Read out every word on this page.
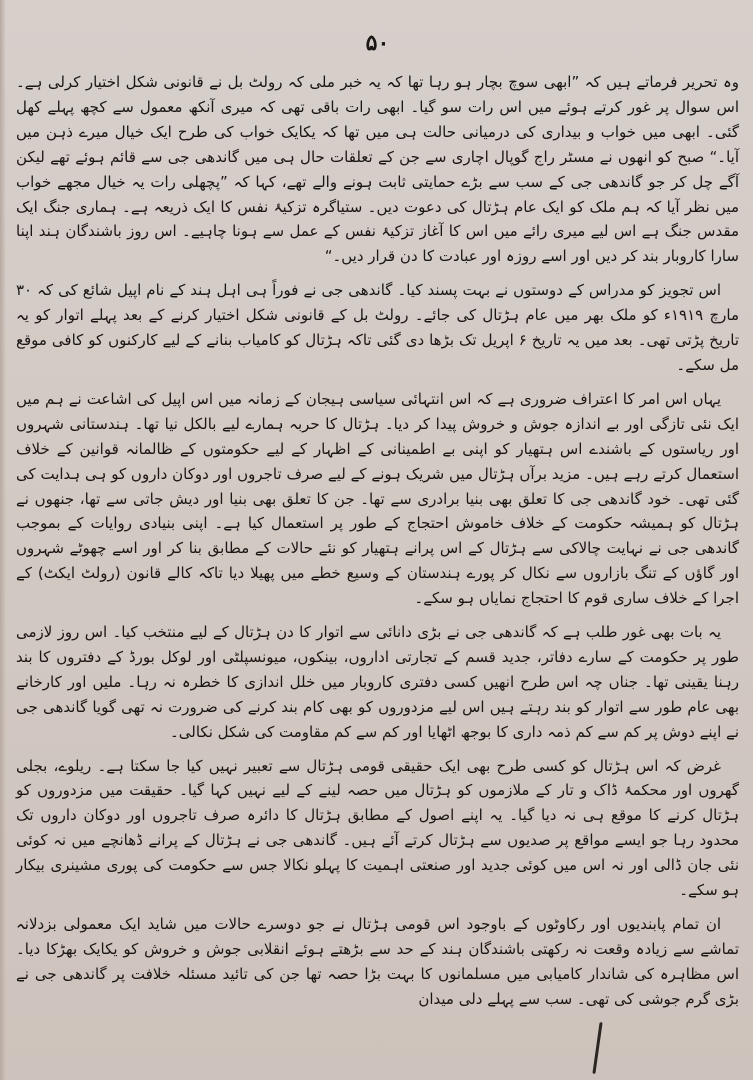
۵۰

وہ تحریر فرماتے ہیں کہ ”ابھی سوچ بچار ہو رہا تھا کہ یہ خبر ملی کہ رولٹ بل نے قانونی شکل اختیار کرلی ہے۔ اس سوال پر غور کرتے ہوئے میں اس رات سو گیا۔ ابھی رات باقی تھی کہ میری آنکھ معمول سے کچھ پہلے کھل گئی۔ ابھی میں خواب و بیداری کی درمیانی حالت ہی میں تھا کہ یکایک خواب کی طرح ایک خیال میرے ذہن میں آیا۔“ صبح کو انھوں نے مسٹر راج گوپال اچاری سے جن کے تعلقات حال ہی میں گاندھی جی سے قائم ہوئے تھے لیکن آگے چل کر جو گاندھی جی کے سب سے بڑے حمایتی ثابت ہونے والے تھے، کہا کہ ”پچھلی رات یہ خیال مجھے خواب میں نظر آیا کہ ہم ملک کو ایک عام ہڑتال کی دعوت دیں۔ ستیاگرہ تزکیۂ نفس کا ایک ذریعہ ہے۔ ہماری جنگ ایک مقدس جنگ ہے اس لیے میری رائے میں اس کا آغاز تزکیۂ نفس کے عمل سے ہونا چاہیے۔ اس روز باشندگان ہند اپنا سارا کاروبار بند کر دیں اور اسے روزہ اور عبادت کا دن قرار دیں۔“

اس تجویز کو مدراس کے دوستوں نے بہت پسند کیا۔ گاندھی جی نے فوراً ہی اہل ہند کے نام اپیل شائع کی کہ ۳۰ مارچ ۱۹۱۹ء کو ملک بھر میں عام ہڑتال کی جائے۔ رولٹ بل کے قانونی شکل اختیار کرنے کے بعد پہلے اتوار کو یہ تاریخ پڑتی تھی۔ بعد میں یہ تاریخ ۶ اپریل تک بڑھا دی گئی تاکہ ہڑتال کو کامیاب بنانے کے لیے کارکنوں کو کافی موقع مل سکے۔

یہاں اس امر کا اعتراف ضروری ہے کہ اس انتہائی سیاسی ہیجان کے زمانہ میں اس اپیل کی اشاعت نے ہم میں ایک نئی تازگی اور بے اندازہ جوش و خروش پیدا کر دیا۔ ہڑتال کا حربہ ہمارے لیے بالکل نیا تھا۔ ہندستانی شہروں اور ریاستوں کے باشندے اس ہتھیار کو اپنی بے اطمینانی کے اظہار کے لیے حکومتوں کے ظالمانہ قوانین کے خلاف استعمال کرتے رہے ہیں۔ مزید برآں ہڑتال میں شریک ہونے کے لیے صرف تاجروں اور دوکان داروں کو ہی ہدایت کی گئی تھی۔ خود گاندھی جی کا تعلق بھی بنیا برادری سے تھا۔ جن کا تعلق بھی بنیا اور دیش جاتی سے تھا، جنھوں نے ہڑتال کو ہمیشہ حکومت کے خلاف خاموش احتجاج کے طور پر استعمال کیا ہے۔ اپنی بنیادی روایات کے بموجب گاندھی جی نے نہایت چالاکی سے ہڑتال کے اس پرانے ہتھیار کو نئے حالات کے مطابق بنا کر اور اسے چھوٹے شہروں اور گاؤں کے تنگ بازاروں سے نکال کر پورے ہندستان کے وسیع خطے میں پھیلا دیا تاکہ کالے قانون (رولٹ ایکٹ) کے اجرا کے خلاف ساری قوم کا احتجاج نمایاں ہو سکے۔

یہ بات بھی غور طلب ہے کہ گاندھی جی نے بڑی دانائی سے اتوار کا دن ہڑتال کے لیے منتخب کیا۔ اس روز لازمی طور پر حکومت کے سارے دفاتر، جدید قسم کے تجارتی اداروں، بینکوں، میونسپلٹی اور لوکل بورڈ کے دفتروں کا بند رہنا یقینی تھا۔ جناں چہ اس طرح انھیں کسی دفتری کاروبار میں خلل اندازی کا خطرہ نہ رہا۔ ملیں اور کارخانے بھی عام طور سے اتوار کو بند رہتے ہیں اس لیے مزدوروں کو بھی کام بند کرنے کی ضرورت نہ تھی گویا گاندھی جی نے اپنے دوش پر کم سے کم ذمہ داری کا بوجھ اٹھایا اور کم سے کم مقاومت کی شکل نکالی۔

غرض کہ اس ہڑتال کو کسی طرح بھی ایک حقیقی قومی ہڑتال سے تعبیر نہیں کیا جا سکتا ہے۔ ریلوے، بجلی گھروں اور محکمۂ ڈاک و تار کے ملازموں کو ہڑتال میں حصہ لینے کے لیے نہیں کہا گیا۔ حقیقت میں مزدوروں کو ہڑتال کرنے کا موقع ہی نہ دیا گیا۔ یہ اپنے اصول کے مطابق ہڑتال کا دائرہ صرف تاجروں اور دوکان داروں تک محدود رہا جو ایسے مواقع پر صدیوں سے ہڑتال کرتے آئے ہیں۔ گاندھی جی نے ہڑتال کے پرانے ڈھانچے میں نہ کوئی نئی جان ڈالی اور نہ اس میں کوئی جدید اور صنعتی اہمیت کا پہلو نکالا جس سے حکومت کی پوری مشینری بیکار ہو سکے۔

ان تمام پابندیوں اور رکاوٹوں کے باوجود اس قومی ہڑتال نے جو دوسرے حالات میں شاید ایک معمولی بزدلانہ تماشے سے زیادہ وقعت نہ رکھتی باشندگان ہند کے حد سے بڑھتے ہوئے انقلابی جوش و خروش کو یکایک بھڑکا دیا۔ اس مظاہرہ کی شاندار کامیابی میں مسلمانوں کا بہت بڑا حصہ تھا جن کی تائید مسئلہ خلافت پر گاندھی جی نے بڑی گرم جوشی کی تھی۔ سب سے پہلے دلی میدان
